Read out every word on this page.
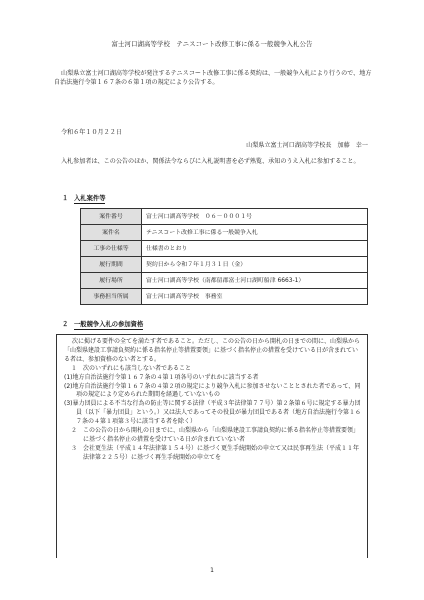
富士河口湖高等学校　テニスコート改修工事に係る一般競争入札公告
山梨県立富士河口湖高等学校が発注するテニスコート改修工事に係る契約は、一般競争入札により行うので、地方自治法施行令第１６７条の６第１項の規定により公告する。
令和６年１０月２２日
山梨県立富士河口湖高等学校長　加藤　幸一
入札参加者は、この公告のほか、関係法令ならびに入札説明書を必ず熟覧、承知のうえ入札に参加すること。
１ 入札案件等
案件番号	富士河口湖高等学校　０６－０００１号
案件名	テニスコート改修工事に係る一般競争入札
工事の仕様等	仕様書のとおり
履行期間	契約日から令和７年１月３１日（金）
履行場所	富士河口湖高等学校（南都留郡富士河口湖町船津 6663-1）
事務担当所属	富士河口湖高等学校　事務室
２ 一般競争入札の参加資格

次に掲げる要件の全てを満たす者であること。ただし、この公告の日から開札の日までの間に、山梨県から「山梨県建設工事請負契約に係る指名停止等措置要領」に基づく指名停止の措置を受けている日が含まれている者は、参加資格のない者とする。

１　次のいずれにも該当しない者であること

(1)地方自治法施行令第１６７条の４第１項各号のいずれかに該当する者

(2)地方自治法施行令第１６７条の４第２項の規定により競争入札に参加させないこととされた者であって、同項の規定により定められた期間を経過していないもの

(3)暴力団員による不当な行為の防止等に関する法律（平成３年法律第７７号）第２条第６号に規定する暴力団員（以下「暴力団員」という。）又は法人であってその役員が暴力団員である者（地方自治法施行令第１６７条の４第１項第３号に該当する者を除く）

２　この公告の日から開札の日までに、山梨県から「山梨県建設工事請負契約に係る指名停止等措置要領」に基づく指名停止の措置を受けている日が含まれていない者

３　会社更生法（平成１４年法律第１５４号）に基づく更生手続開始の申立て又は民事再生法（平成１１年法律第２２５号）に基づく再生手続開始の申立てを

1
